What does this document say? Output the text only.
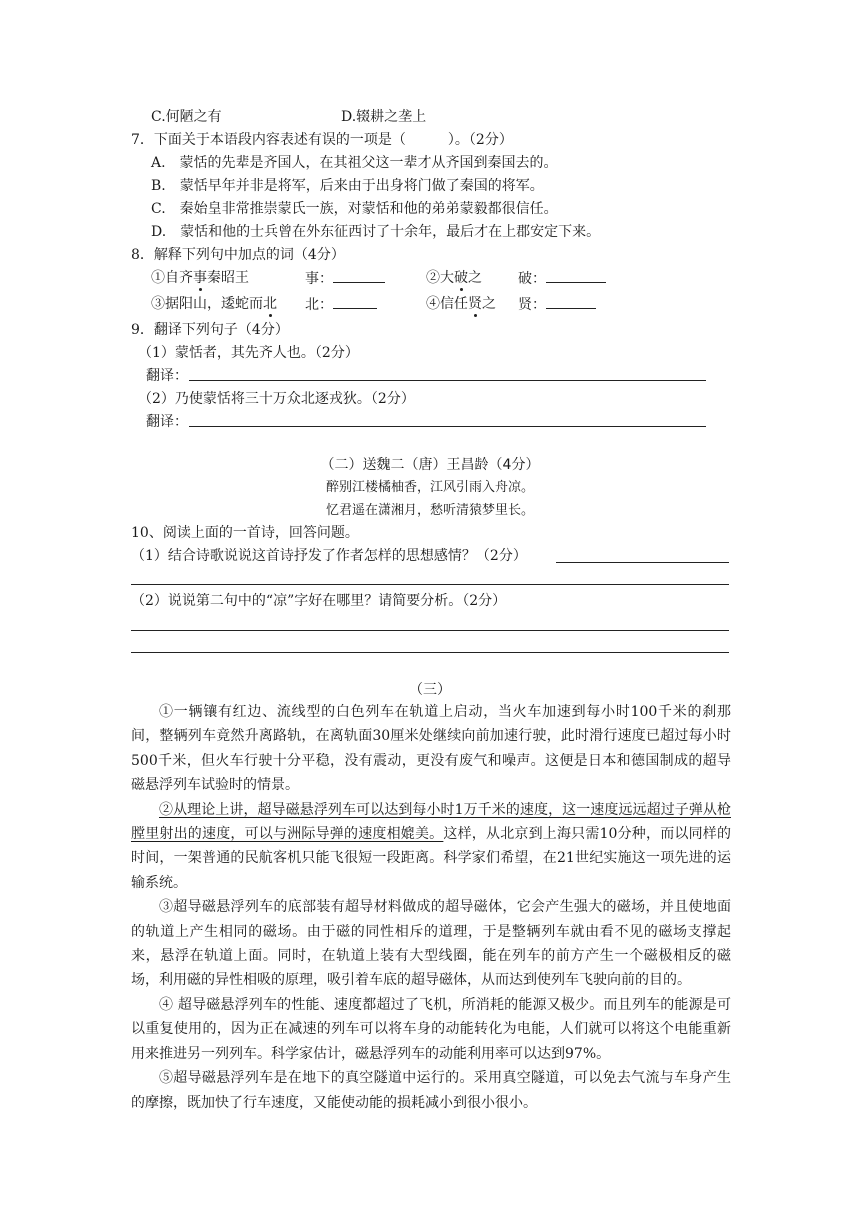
C.何陋之有	D.辍耕之垄上
7．下面关于本语段内容表述有误的一项是（　　　）。（2分）
A.　蒙恬的先辈是齐国人，在其祖父这一辈才从齐国到秦国去的。
B.　蒙恬早年并非是将军，后来由于出身将门做了秦国的将军。
C.　秦始皇非常推崇蒙氏一族，对蒙恬和他的弟弟蒙毅都很信任。
D.　蒙恬和他的士兵曾在外东征西讨了十余年，最后才在上郡安定下来。
8．解释下列句中加点的词（4分）
①自齐事秦昭王	事：	②大破之	破：
③据阳山，逶蛇而北 北：	④信任贤之 贤：
9．翻译下列句子（4分）
（1）蒙恬者，其先齐人也。（2分）
翻译：
（2）乃使蒙恬将三十万众北逐戎狄。（2分）
翻译：
（二）送魏二（唐）王昌龄（4分）
醉别江楼橘柚香，江风引雨入舟凉。
忆君遥在潇湘月，愁听清猿梦里长。
10、阅读上面的一首诗，回答问题。
（1）结合诗歌说说这首诗抒发了作者怎样的思想感情？（2分）
（2）说说第二句中的“凉”字好在哪里？请简要分析。（2分）
（三）

①一辆镶有红边、流线型的白色列车在轨道上启动，当火车加速到每小时100千米的刹那间，整辆列车竟然升离路轨，在离轨面30厘米处继续向前加速行驶，此时滑行速度已超过每小时500千米，但火车行驶十分平稳，没有震动，更没有废气和噪声。这便是日本和德国制成的超导磁悬浮列车试验时的情景。

②从理论上讲，超导磁悬浮列车可以达到每小时1万千米的速度，这一速度远远超过子弹从枪膛里射出的速度，可以与洲际导弹的速度相媲美。这样，从北京到上海只需10分种，而以同样的时间，一架普通的民航客机只能飞很短一段距离。科学家们希望，在21世纪实施这一项先进的运输系统。

③超导磁悬浮列车的底部装有超导材料做成的超导磁体，它会产生强大的磁场，并且使地面的轨道上产生相同的磁场。由于磁的同性相斥的道理，于是整辆列车就由看不见的磁场支撑起来，悬浮在轨道上面。同时，在轨道上装有大型线圈，能在列车的前方产生一个磁极相反的磁场，利用磁的异性相吸的原理，吸引着车底的超导磁体，从而达到使列车飞驶向前的目的。

④ 超导磁悬浮列车的性能、速度都超过了飞机，所消耗的能源又极少。而且列车的能源是可以重复使用的，因为正在减速的列车可以将车身的动能转化为电能，人们就可以将这个电能重新用来推进另一列列车。科学家估计，磁悬浮列车的动能利用率可以达到97%。

⑤超导磁悬浮列车是在地下的真空隧道中运行的。采用真空隧道，可以免去气流与车身产生的摩擦，既加快了行车速度，又能使动能的损耗减小到很小很小。
